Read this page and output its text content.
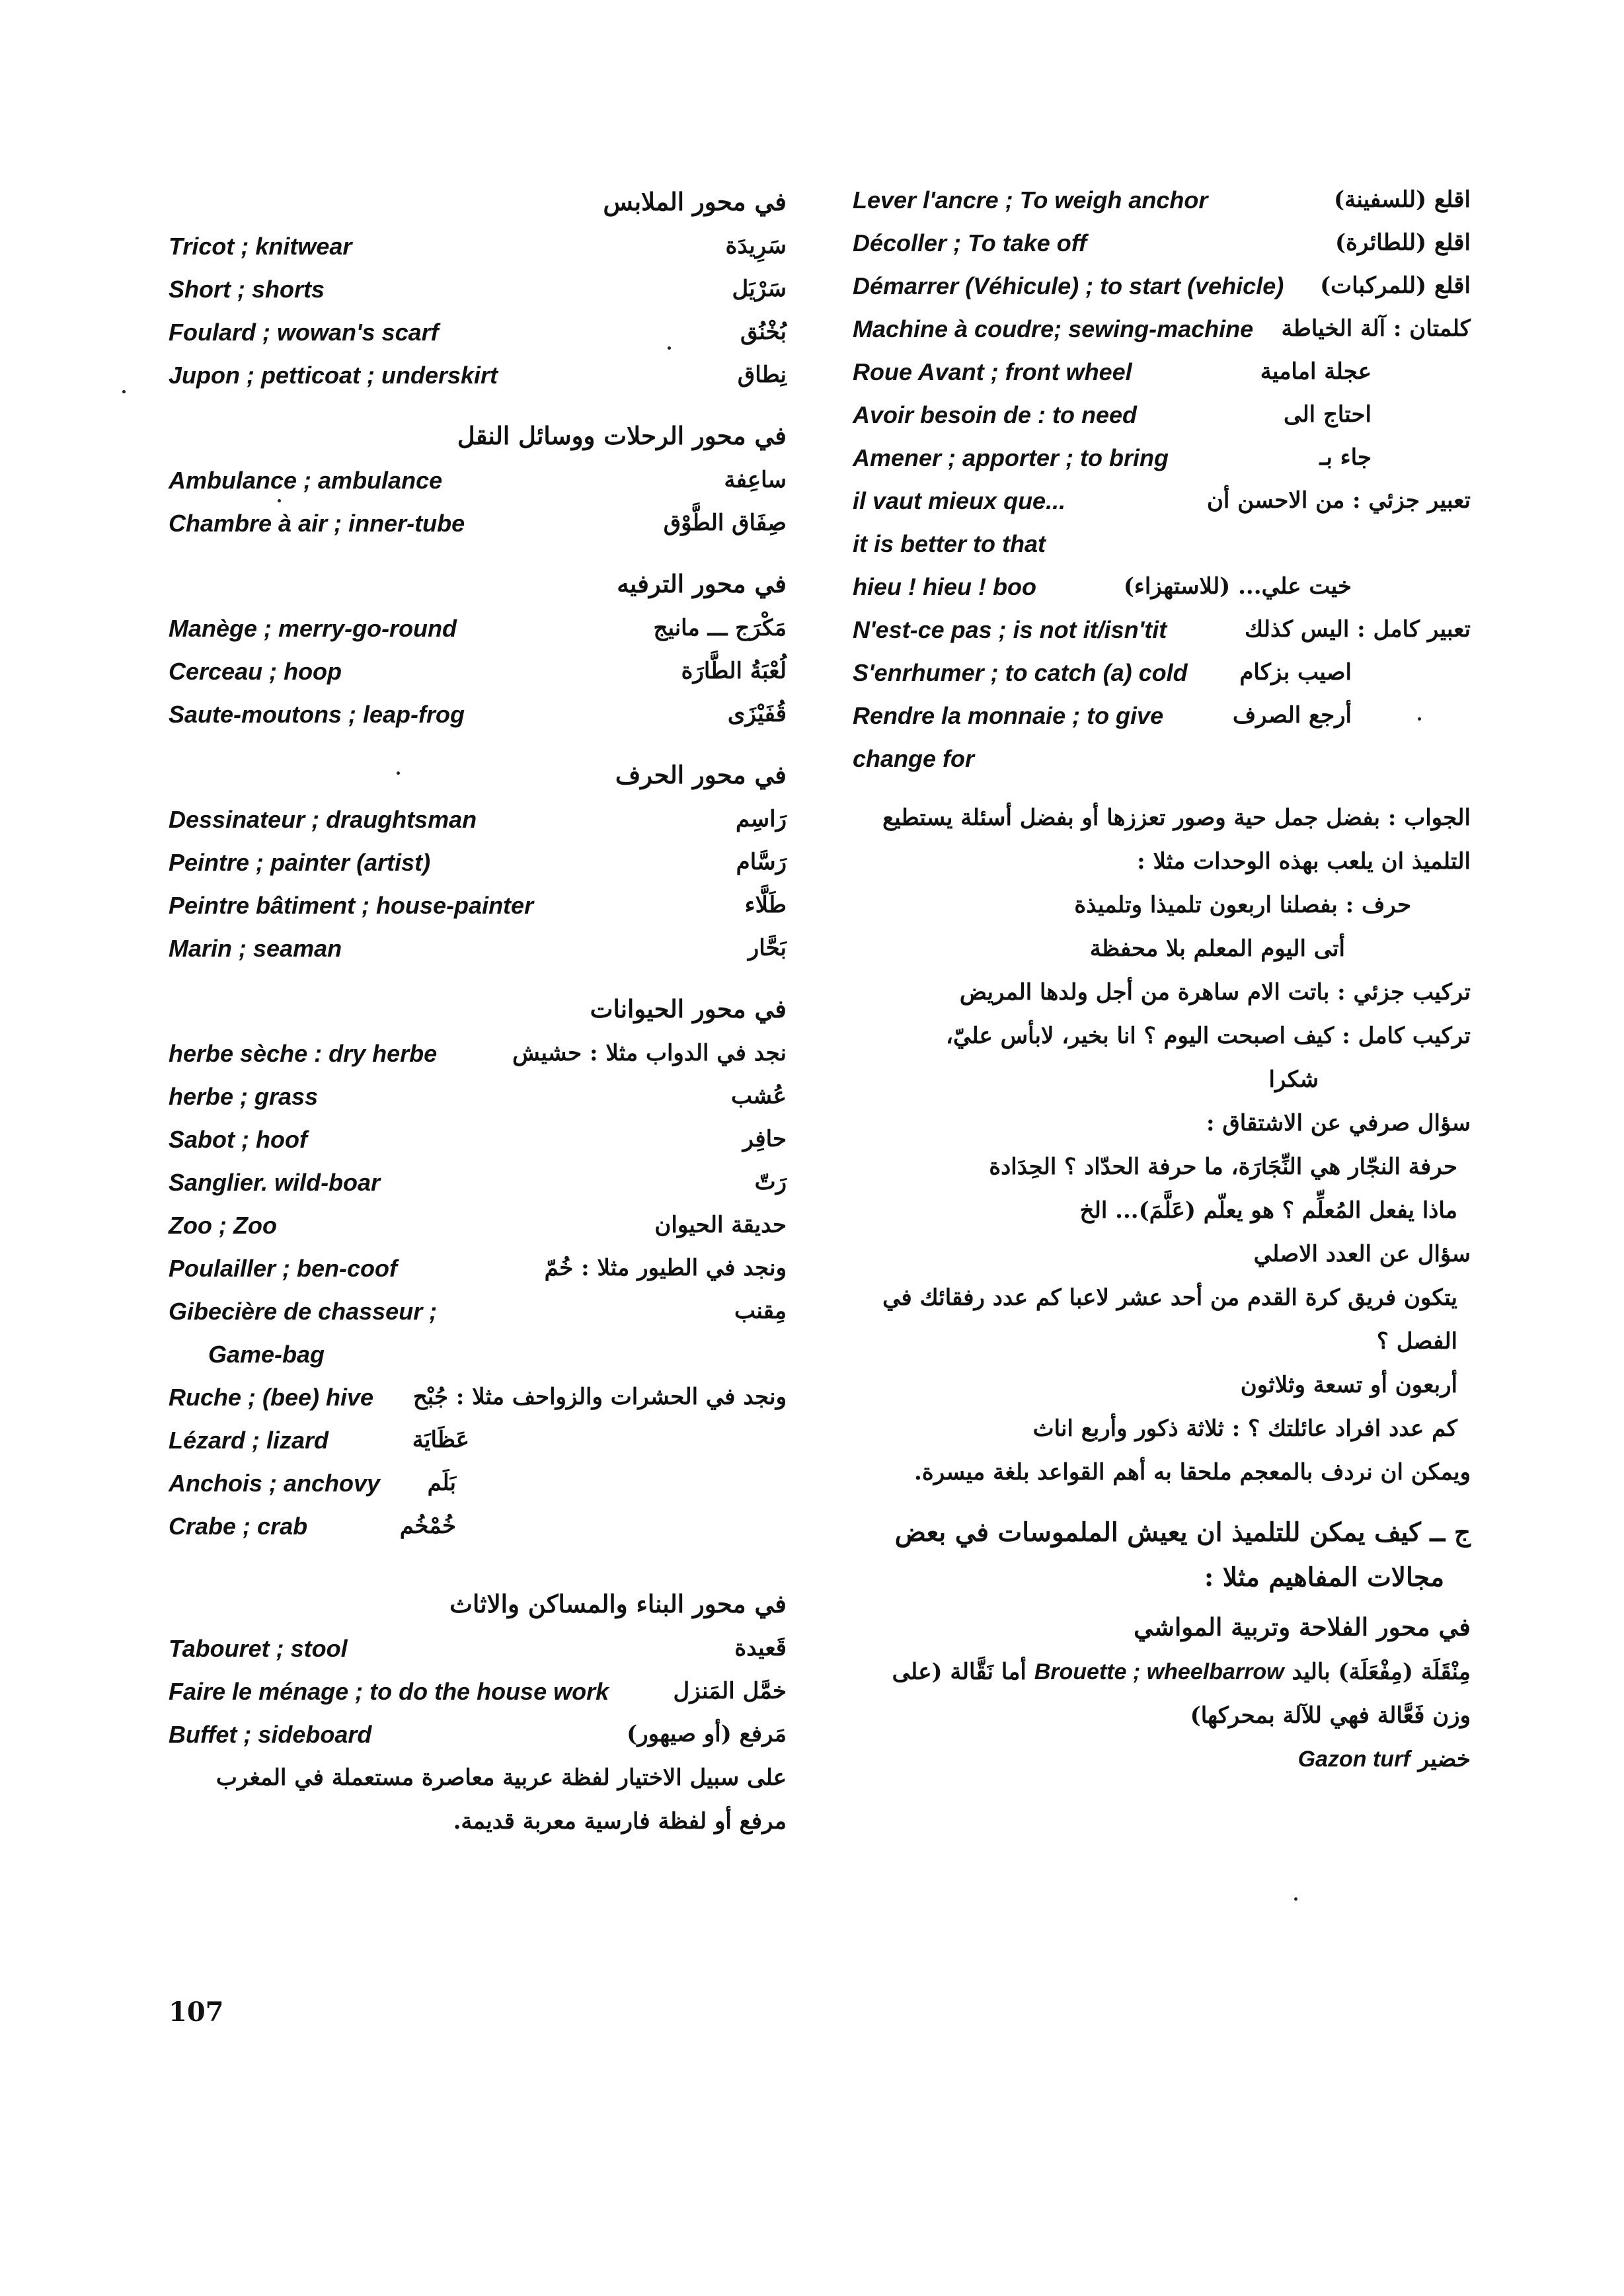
في محور الملابس
Tricot ; knitwear	سَرِيدَة
Short ; shorts	سَرْيَل
Foulard ; wowan's scarf	بُخْنُق
Jupon ; petticoat ; underskirt	نِطاق
في محور الرحلات ووسائل النقل
Ambulance ; ambulance	ساعِفة
Chambre à air ; inner-tube	صِفَاق الطَّوْق
في محور الترفيه
Manège ; merry-go-round	مَكْرَج ـــ مانيج
Cerceau ; hoop	لُعْبَةُ الطَّارَة
Saute-moutons ; leap-frog	قُفَيْزَى
في محور الحرف
Dessinateur ; draughtsman	رَاسِم
Peintre ; painter (artist)	رَسَّام
Peintre bâtiment ; house-painter	طَلَّاء
Marin ; seaman	بَحَّار
في محور الحيوانات
herbe sèche : dry herbe	نجد في الدواب مثلا : حشيش
herbe ; grass	عُشب
Sabot ; hoof	حافِر
Sanglier. wild-boar	رَتّ
Zoo ; Zoo	حديقة الحيوان
Poulailler ; ben-coof	ونجد في الطيور مثلا : خُمّ
Gibecière de chasseur ;	مِقنب
Game-bag
Ruche ; (bee) hive ونجد في الحشرات والزواحف مثلا : جُبْح
Lézard ; lizard	عَظَايَة
Anchois ; anchovy بَلَم
Crabe ; crab	خُمْخُم
في محور البناء والمساكن والاثاث
Tabouret ; stool	قَعيدة
Faire le ménage ; to do the house work	خمَّل المَنزل
Buffet ; sideboard	مَرفع (أو صيهور)
على سبيل الاختيار لفظة عربية معاصرة مستعملة في المغرب
مرفع أو لفظة فارسية معربة قديمة.
Lever l'ancre ; To weigh anchor	اقلع (للسفينة)
Décoller ; To take off	اقلع (للطائرة)
Démarrer (Véhicule) ; to start (vehicle) اقلع (للمركبات)
Machine à coudre; sewing-machine كلمتان : آلة الخياطة
Roue Avant ; front wheel	عجلة امامية
Avoir besoin de : to need	احتاج الى
Amener ; apporter ; to bring	جاء بـ
il vaut mieux que...	تعبير جزئي : من الاحسن أن
it is better to that
hieu ! hieu ! boo	خيت علي... (للاستهزاء)
N'est-ce pas ; is not it/isn'tit	تعبير كامل : اليس كذلك
S'enrhumer ; to catch (a) cold اصيب بزكام
Rendre la monnaie ; to give	أرجع الصرف
change for
الجواب : بفضل جمل حية وصور تعززها أو بفضل أسئلة يستطيع
التلميذ ان يلعب بهذه الوحدات مثلا :
حرف : بفصلنا اربعون تلميذا وتلميذة
أتى اليوم المعلم بلا محفظة
تركيب جزئي : باتت الام ساهرة من أجل ولدها المريض
تركيب كامل : كيف اصبحت اليوم ؟ انا بخير، لابأس عليّ،
شكرا
سؤال صرفي عن الاشتقاق :
حرفة النجّار هي النِّجَارَة، ما حرفة الحدّاد ؟ الحِدَادة
ماذا يفعل المُعلِّم ؟ هو يعلّم (عَلَّمَ)... الخ
سؤال عن العدد الاصلي
يتكون فريق كرة القدم من أحد عشر لاعبا كم عدد رفقائك في
الفصل ؟
أربعون أو تسعة وثلاثون
كم عدد افراد عائلتك ؟ : ثلاثة ذكور وأربع اناث
ويمكن ان نردف بالمعجم ملحقا به أهم القواعد بلغة ميسرة.
ج ــ كيف يمكن للتلميذ ان يعيش الملموسات في بعض
مجالات المفاهيم مثلا :
في محور الفلاحة وتربية المواشي
مِنْقَلَة (مِفْعَلَة) باليد Brouette ; wheelbarrow أما نَقَّالة (على
وزن فَعَّالة فهي للآلة بمحركها)
خضير Gazon turf
107
